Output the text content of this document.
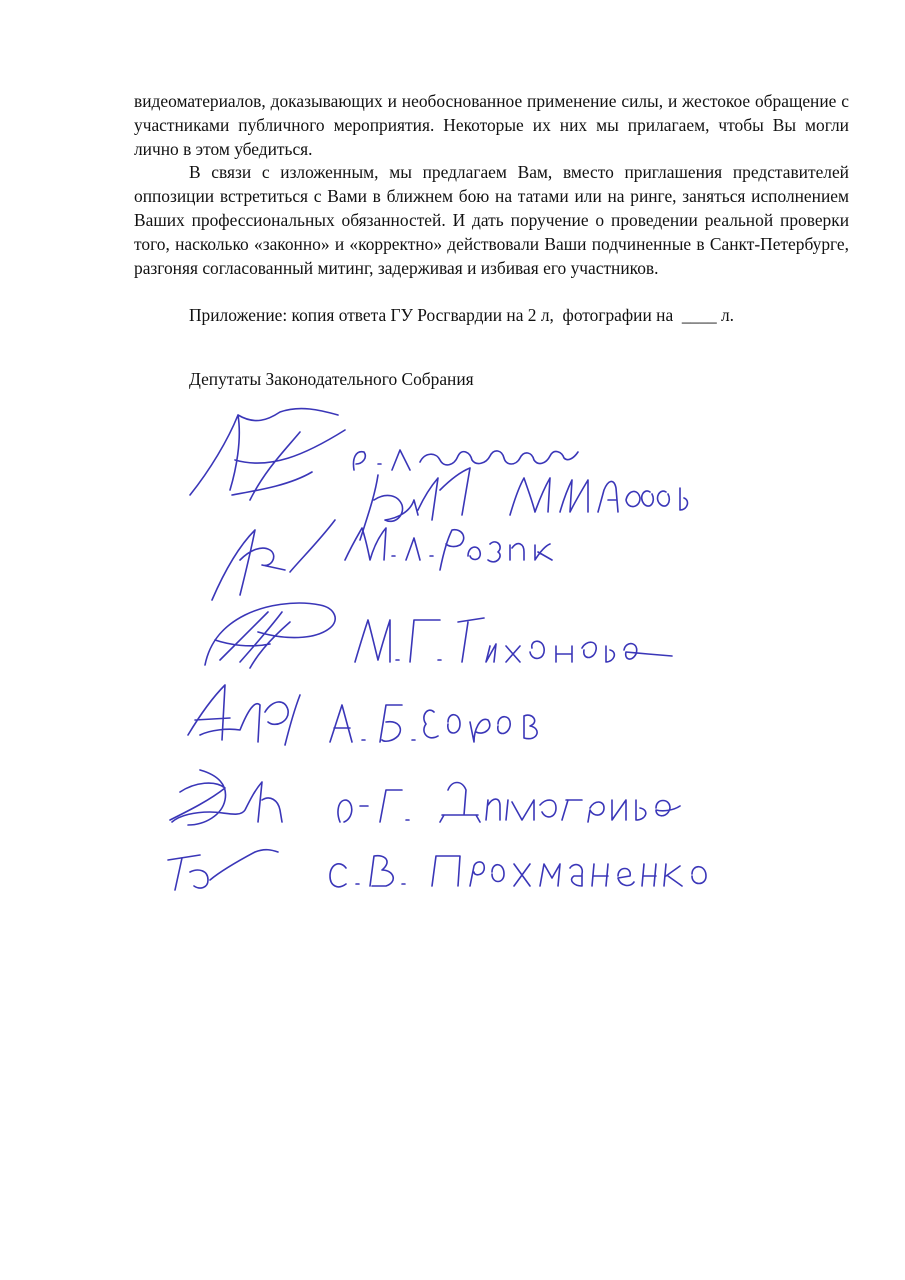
видеоматериалов, доказывающих и необоснованное применение силы, и жестокое обращение с участниками публичного мероприятия. Некоторые их них мы прилагаем, чтобы Вы могли лично в этом убедиться.

В связи с изложенным, мы предлагаем Вам, вместо приглашения представителей оппозиции встретиться с Вами в ближнем бою на татами или на ринге, заняться исполнением Ваших профессиональных обязанностей. И дать поручение о проведении реальной проверки того, насколько «законно» и «корректно» действовали Ваши подчиненные в Санкт-Петербурге, разгоняя согласованный митинг, задерживая и избивая его участников.

Приложение: копия ответа ГУ Росгвардии на 2 л,  фотографии на  ____ л.
Депутаты Законодательного Собрания
